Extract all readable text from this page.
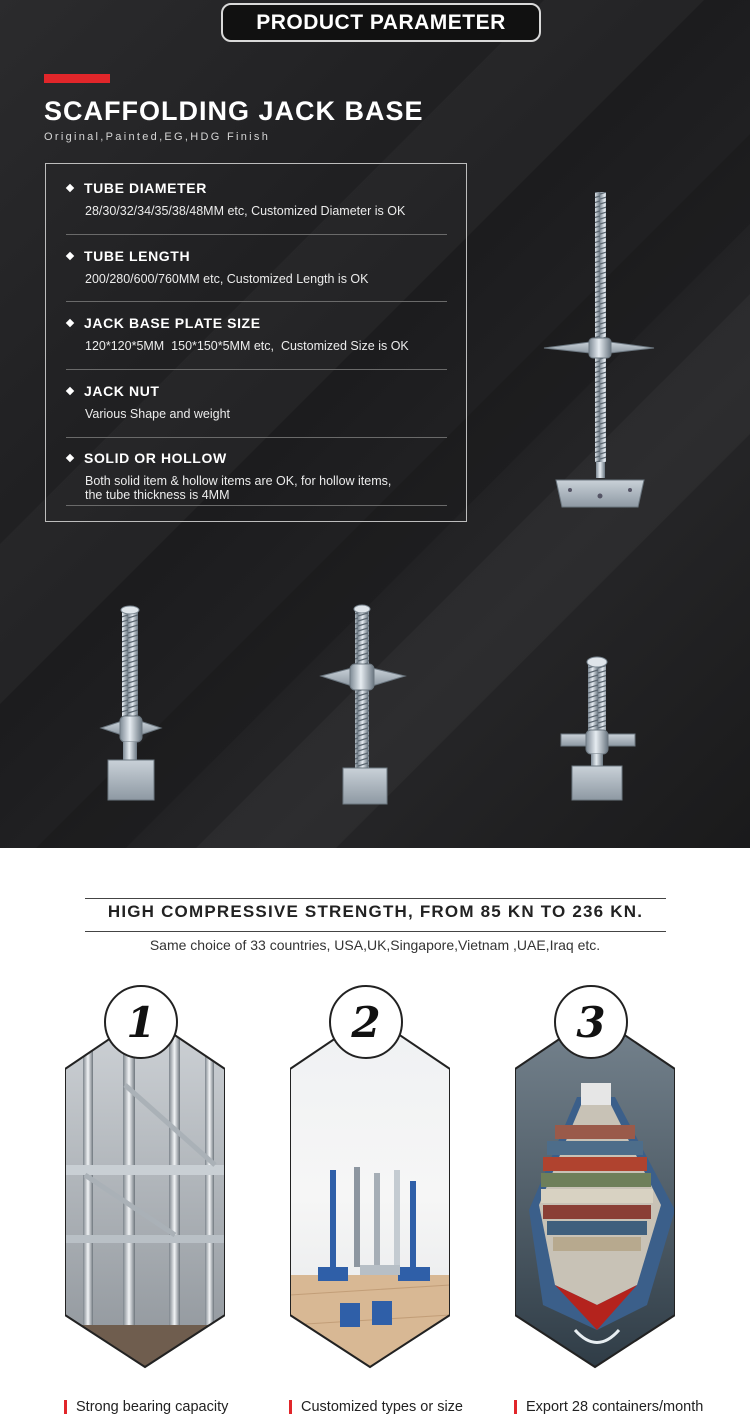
PRODUCT PARAMETER
SCAFFOLDING JACK BASE
Original,Painted,EG,HDG Finish
TUBE DIAMETER
28/30/32/34/35/38/48MM etc, Customized Diameter is OK
TUBE LENGTH
200/280/600/760MM etc, Customized Length is OK
JACK BASE PLATE SIZE
120*120*5MM  150*150*5MM etc,  Customized Size is OK
JACK NUT
Various Shape and weight
SOLID OR HOLLOW
Both solid item & hollow items are OK, for hollow items,
the tube thickness is 4MM
HIGH COMPRESSIVE STRENGTH, FROM 85 KN TO 236 KN.
Same choice of 33 countries, USA,UK,Singapore,Vietnam ,UAE,Iraq etc.
1	2	3
Strong bearing capacity	Customized types or size	Export 28 containers/month
